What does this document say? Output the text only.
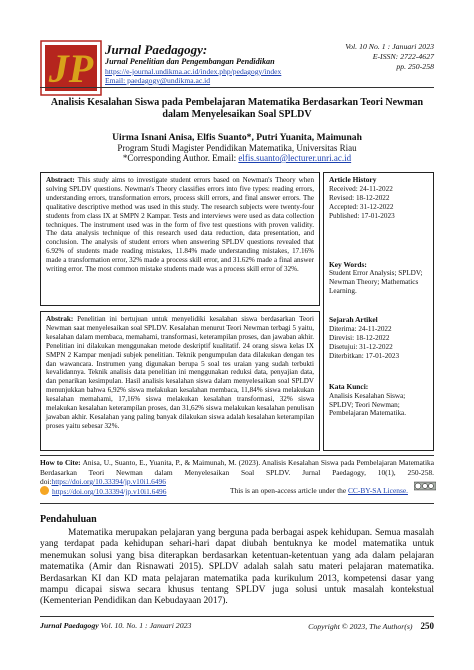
JP Jurnal Paedagogy:
Jurnal Penelitian dan Pengembangan Pendidikan
https://e-journal.undikma.ac.id/index.php/pedagogy/index
Email: paedagogy@undikma.ac.id
Vol. 10 No. 1 : Januari 2023
E-ISSN: 2722-4627
pp. 250-258
Analisis Kesalahan Siswa pada Pembelajaran Matematika Berdasarkan Teori Newman dalam Menyelesaikan Soal SPLDV
Uirma Isnani Anisa, Elfis Suanto*, Putri Yuanita, Maimunah
Program Studi Magister Pendidikan Matematika, Universitas Riau
*Corresponding Author. Email: elfis.suanto@lecturer.unri.ac.id
Abstract: This study aims to investigate student errors based on Newman's Theory when solving SPLDV questions. Newman's Theory classifies errors into five types: reading errors, understanding errors, transformation errors, process skill errors, and final answer errors. The qualitative descriptive method was used in this study. The research subjects were twenty-four students from class IX at SMPN 2 Kampar. Tests and interviews were used as data collection techniques. The instrument used was in the form of five test questions with proven validity. The data analysis technique of this research used data reduction, data presentation, and conclusion. The analysis of student errors when answering SPLDV questions revealed that 6.92% of students made reading mistakes, 11.84% made understanding mistakes, 17.16% made a transformation error, 32% made a process skill error, and 31.62% made a final answer writing error. The most common mistake students made was a process skill error of 32%.
Article History
Received: 24-11-2022
Revised: 18-12-2022
Accepted: 31-12-2022
Published: 17-01-2023
Key Words:
Student Error Analysis; SPLDV; Newman Theory; Mathematics Learning.
Sejarah Artikel
Diterima: 24-11-2022
Direvisi: 18-12-2022
Disetujui: 31-12-2022
Diterbitkan: 17-01-2023
Kata Kunci:
Analisis Kesalahan Siswa; SPLDV; Teori Newman; Pembelajaran Matematika.
Abstrak: Penelitian ini bertujuan untuk menyelidiki kesalahan siswa berdasarkan Teori Newman saat menyelesaikan soal SPLDV. Kesalahan menurut Teori Newman terbagi 5 yaitu, kesalahan dalam membaca, memahami, transformasi, keterampilan proses, dan jawaban akhir. Penelitian ini dilakukan menggunakan metode deskriptif kualitatif. 24 orang siswa kelas IX SMPN 2 Kampar menjadi subjek penelitian. Teknik pengumpulan data dilakukan dengan tes dan wawancara. Instrumen yang digunakan berupa 5 soal tes uraian yang sudah terbukti kevalidannya. Teknik analisis data penelitian ini menggunakan reduksi data, penyajian data, dan penarikan kesimpulan. Hasil analisis kesalahan siswa dalam menyelesaikan soal SPLDV menunjukkan bahwa 6,92% siswa melakukan kesalahan membaca, 11,84% siswa melakukan kesalahan memahami, 17,16% siswa melakukan kesalahan transformasi, 32% siswa melakukan kesalahan keterampilan proses, dan 31,62% siswa melakukan kesalahan penulisan jawaban akhir. Kesalahan yang paling banyak dilakukan siswa adalah kesalahan keterampilan proses yaitu sebesar 32%.
How to Cite: Anisa, U., Suanto, E., Yuanita, P., & Maimunah, M. (2023). Analisis Kesalahan Siswa pada Pembelajaran Matematika Berdasarkan Teori Newman dalam Menyelesaikan Soal SPLDV. Jurnal Paedagogy, 10(1), 250-258. doi:https://doi.org/10.33394/jp.v10i1.6496
https://doi.org/10.33394/jp.v10i1.6496	This is an open-access article under the CC-BY-SA License.
Pendahuluan
Matematika merupakan pelajaran yang berguna pada berbagai aspek kehidupan. Semua masalah yang terdapat pada kehidupan sehari-hari dapat diubah bentuknya ke model matematika untuk menemukan solusi yang bisa diterapkan berdasarkan ketentuan-ketentuan yang ada dalam pelajaran matematika (Amir dan Risnawati 2015). SPLDV adalah salah satu materi pelajaran matematika. Berdasarkan KI dan KD mata pelajaran matematika pada kurikulum 2013, kompetensi dasar yang mampu dicapai siswa secara khusus tentang SPLDV juga solusi untuk masalah kontekstual (Kementerian Pendidikan dan Kebudayaan 2017).
Jurnal Paedagogy Vol. 10. No. 1 : Januari 2023	Copyright © 2023, The Author(s) 250
